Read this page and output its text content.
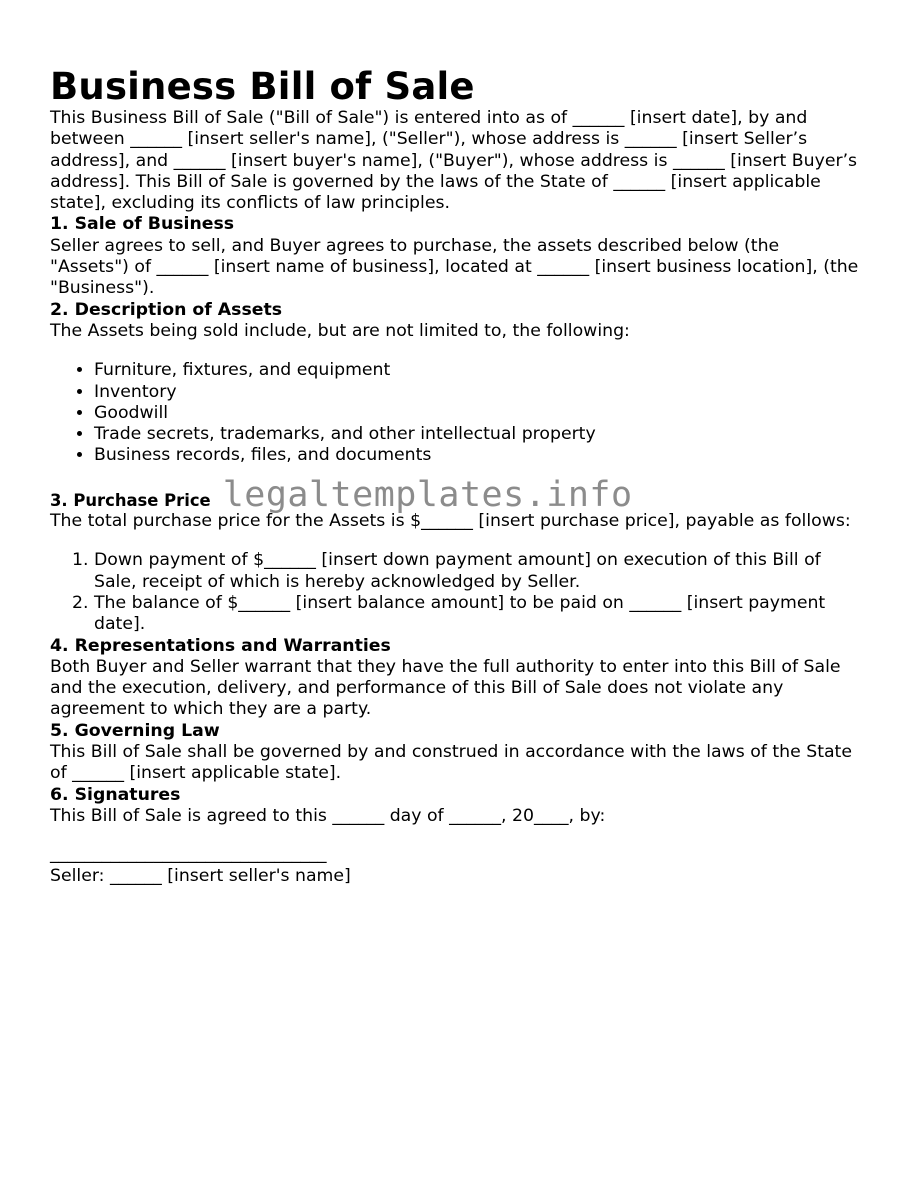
Business Bill of Sale

This Business Bill of Sale ("Bill of Sale") is entered into as of ______ [insert date], by and between ______ [insert seller's name], ("Seller"), whose address is ______ [insert Seller’s address], and ______ [insert buyer's name], ("Buyer"), whose address is ______ [insert Buyer’s address]. This Bill of Sale is governed by the laws of the State of ______ [insert applicable state], excluding its conflicts of law principles.

1. Sale of Business

Seller agrees to sell, and Buyer agrees to purchase, the assets described below (the "Assets") of ______ [insert name of business], located at ______ [insert business location], (the "Business").

2. Description of Assets

The Assets being sold include, but are not limited to, the following:

• Furniture, fixtures, and equipment
• Inventory
• Goodwill
• Trade secrets, trademarks, and other intellectual property
• Business records, files, and documents
3. Purchase Price legaltemplates.info

The total purchase price for the Assets is $______ [insert purchase price], payable as follows:

1. Down payment of $______ [insert down payment amount] on execution of this Bill of Sale, receipt of which is hereby acknowledged by Seller.
2. The balance of $______ [insert balance amount] to be paid on ______ [insert payment date].
4. Representations and Warranties

Both Buyer and Seller warrant that they have the full authority to enter into this Bill of Sale and the execution, delivery, and performance of this Bill of Sale does not violate any agreement to which they are a party.

5. Governing Law

This Bill of Sale shall be governed by and construed in accordance with the laws of the State of ______ [insert applicable state].

6. Signatures

This Bill of Sale is agreed to this ______ day of ______, 20____, by:

________________________________
Seller: ______ [insert seller's name]
